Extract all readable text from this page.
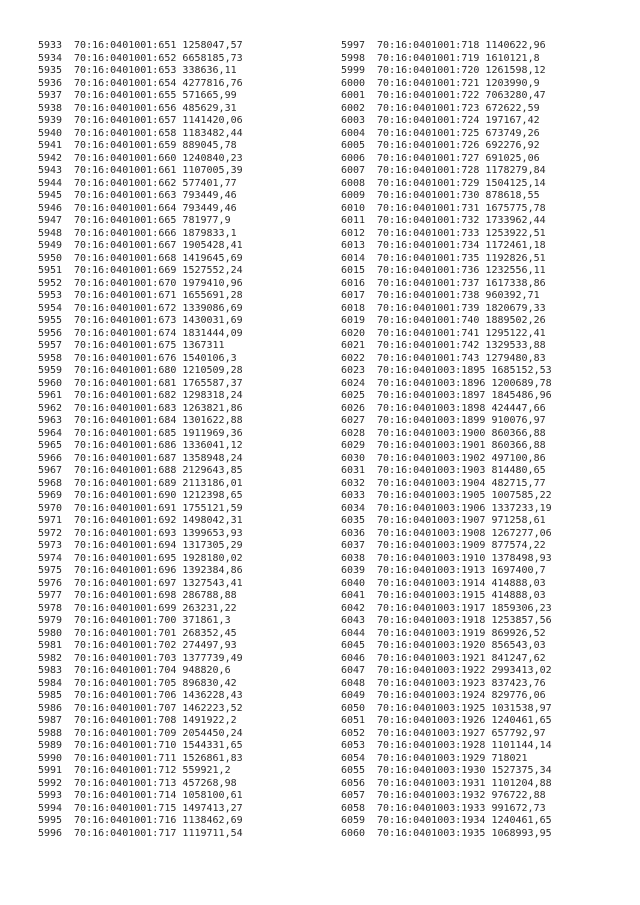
5933 70:16:0401001:651 1258047,57
5934 70:16:0401001:652 6658185,73
5935 70:16:0401001:653 338636,11
5936 70:16:0401001:654 4277816,76
5937 70:16:0401001:655 571665,99
5938 70:16:0401001:656 485629,31
5939 70:16:0401001:657 1141420,06
5940 70:16:0401001:658 1183482,44
5941 70:16:0401001:659 889045,78
5942 70:16:0401001:660 1240840,23
5943 70:16:0401001:661 1107005,39
5944 70:16:0401001:662 577401,77
5945 70:16:0401001:663 793449,46
5946 70:16:0401001:664 793449,46
5947 70:16:0401001:665 781977,9
5948 70:16:0401001:666 1879833,1
5949 70:16:0401001:667 1905428,41
5950 70:16:0401001:668 1419645,69
5951 70:16:0401001:669 1527552,24
5952 70:16:0401001:670 1979410,96
5953 70:16:0401001:671 1655691,28
5954 70:16:0401001:672 1339086,69
5955 70:16:0401001:673 1430031,69
5956 70:16:0401001:674 1831444,09
5957 70:16:0401001:675 1367311
5958 70:16:0401001:676 1540106,3
5959 70:16:0401001:680 1210509,28
5960 70:16:0401001:681 1765587,37
5961 70:16:0401001:682 1298318,24
5962 70:16:0401001:683 1263821,86
5963 70:16:0401001:684 1301622,88
5964 70:16:0401001:685 1911969,36
5965 70:16:0401001:686 1336041,12
5966 70:16:0401001:687 1358948,24
5967 70:16:0401001:688 2129643,85
5968 70:16:0401001:689 2113186,01
5969 70:16:0401001:690 1212398,65
5970 70:16:0401001:691 1755121,59
5971 70:16:0401001:692 1498042,31
5972 70:16:0401001:693 1399653,93
5973 70:16:0401001:694 1317305,29
5974 70:16:0401001:695 1928180,02
5975 70:16:0401001:696 1392384,86
5976 70:16:0401001:697 1327543,41
5977 70:16:0401001:698 286788,88
5978 70:16:0401001:699 263231,22
5979 70:16:0401001:700 371861,3
5980 70:16:0401001:701 268352,45
5981 70:16:0401001:702 274497,93
5982 70:16:0401001:703 1377739,49
5983 70:16:0401001:704 948820,6
5984 70:16:0401001:705 896830,42
5985 70:16:0401001:706 1436228,43
5986 70:16:0401001:707 1462223,52
5987 70:16:0401001:708 1491922,2
5988 70:16:0401001:709 2054450,24
5989 70:16:0401001:710 1544331,65
5990 70:16:0401001:711 1526861,83
5991 70:16:0401001:712 559921,2
5992 70:16:0401001:713 457268,98
5993 70:16:0401001:714 1058100,61
5994 70:16:0401001:715 1497413,27
5995 70:16:0401001:716 1138462,69
5996 70:16:0401001:717 1119711,54
5997 70:16:0401001:718 1140622,96
5998 70:16:0401001:719 1610121,8
5999 70:16:0401001:720 1261598,12
6000 70:16:0401001:721 1203990,9
6001 70:16:0401001:722 7063280,47
6002 70:16:0401001:723 672622,59
6003 70:16:0401001:724 197167,42
6004 70:16:0401001:725 673749,26
6005 70:16:0401001:726 692276,92
6006 70:16:0401001:727 691025,06
6007 70:16:0401001:728 1178279,84
6008 70:16:0401001:729 1504125,14
6009 70:16:0401001:730 878618,55
6010 70:16:0401001:731 1675775,78
6011 70:16:0401001:732 1733962,44
6012 70:16:0401001:733 1253922,51
6013 70:16:0401001:734 1172461,18
6014 70:16:0401001:735 1192826,51
6015 70:16:0401001:736 1232556,11
6016 70:16:0401001:737 1617338,86
6017 70:16:0401001:738 960392,71
6018 70:16:0401001:739 1820679,33
6019 70:16:0401001:740 1889502,26
6020 70:16:0401001:741 1295122,41
6021 70:16:0401001:742 1329533,88
6022 70:16:0401001:743 1279480,83
6023 70:16:0401003:1895 1685152,53
6024 70:16:0401003:1896 1200689,78
6025 70:16:0401003:1897 1845486,96
6026 70:16:0401003:1898 424447,66
6027 70:16:0401003:1899 910076,97
6028 70:16:0401003:1900 860366,88
6029 70:16:0401003:1901 860366,88
6030 70:16:0401003:1902 497100,86
6031 70:16:0401003:1903 814480,65
6032 70:16:0401003:1904 482715,77
6033 70:16:0401003:1905 1007585,22
6034 70:16:0401003:1906 1337233,19
6035 70:16:0401003:1907 971258,61
6036 70:16:0401003:1908 1267277,06
6037 70:16:0401003:1909 877574,22
6038 70:16:0401003:1910 1378498,93
6039 70:16:0401003:1913 1697400,7
6040 70:16:0401003:1914 414888,03
6041 70:16:0401003:1915 414888,03
6042 70:16:0401003:1917 1859306,23
6043 70:16:0401003:1918 1253857,56
6044 70:16:0401003:1919 869926,52
6045 70:16:0401003:1920 856543,03
6046 70:16:0401003:1921 841247,62
6047 70:16:0401003:1922 2993413,02
6048 70:16:0401003:1923 837423,76
6049 70:16:0401003:1924 829776,06
6050 70:16:0401003:1925 1031538,97
6051 70:16:0401003:1926 1240461,65
6052 70:16:0401003:1927 657792,97
6053 70:16:0401003:1928 1101144,14
6054 70:16:0401003:1929 718021
6055 70:16:0401003:1930 1527375,34
6056 70:16:0401003:1931 1101204,88
6057 70:16:0401003:1932 976722,88
6058 70:16:0401003:1933 991672,73
6059 70:16:0401003:1934 1240461,65
6060 70:16:0401003:1935 1068993,95
